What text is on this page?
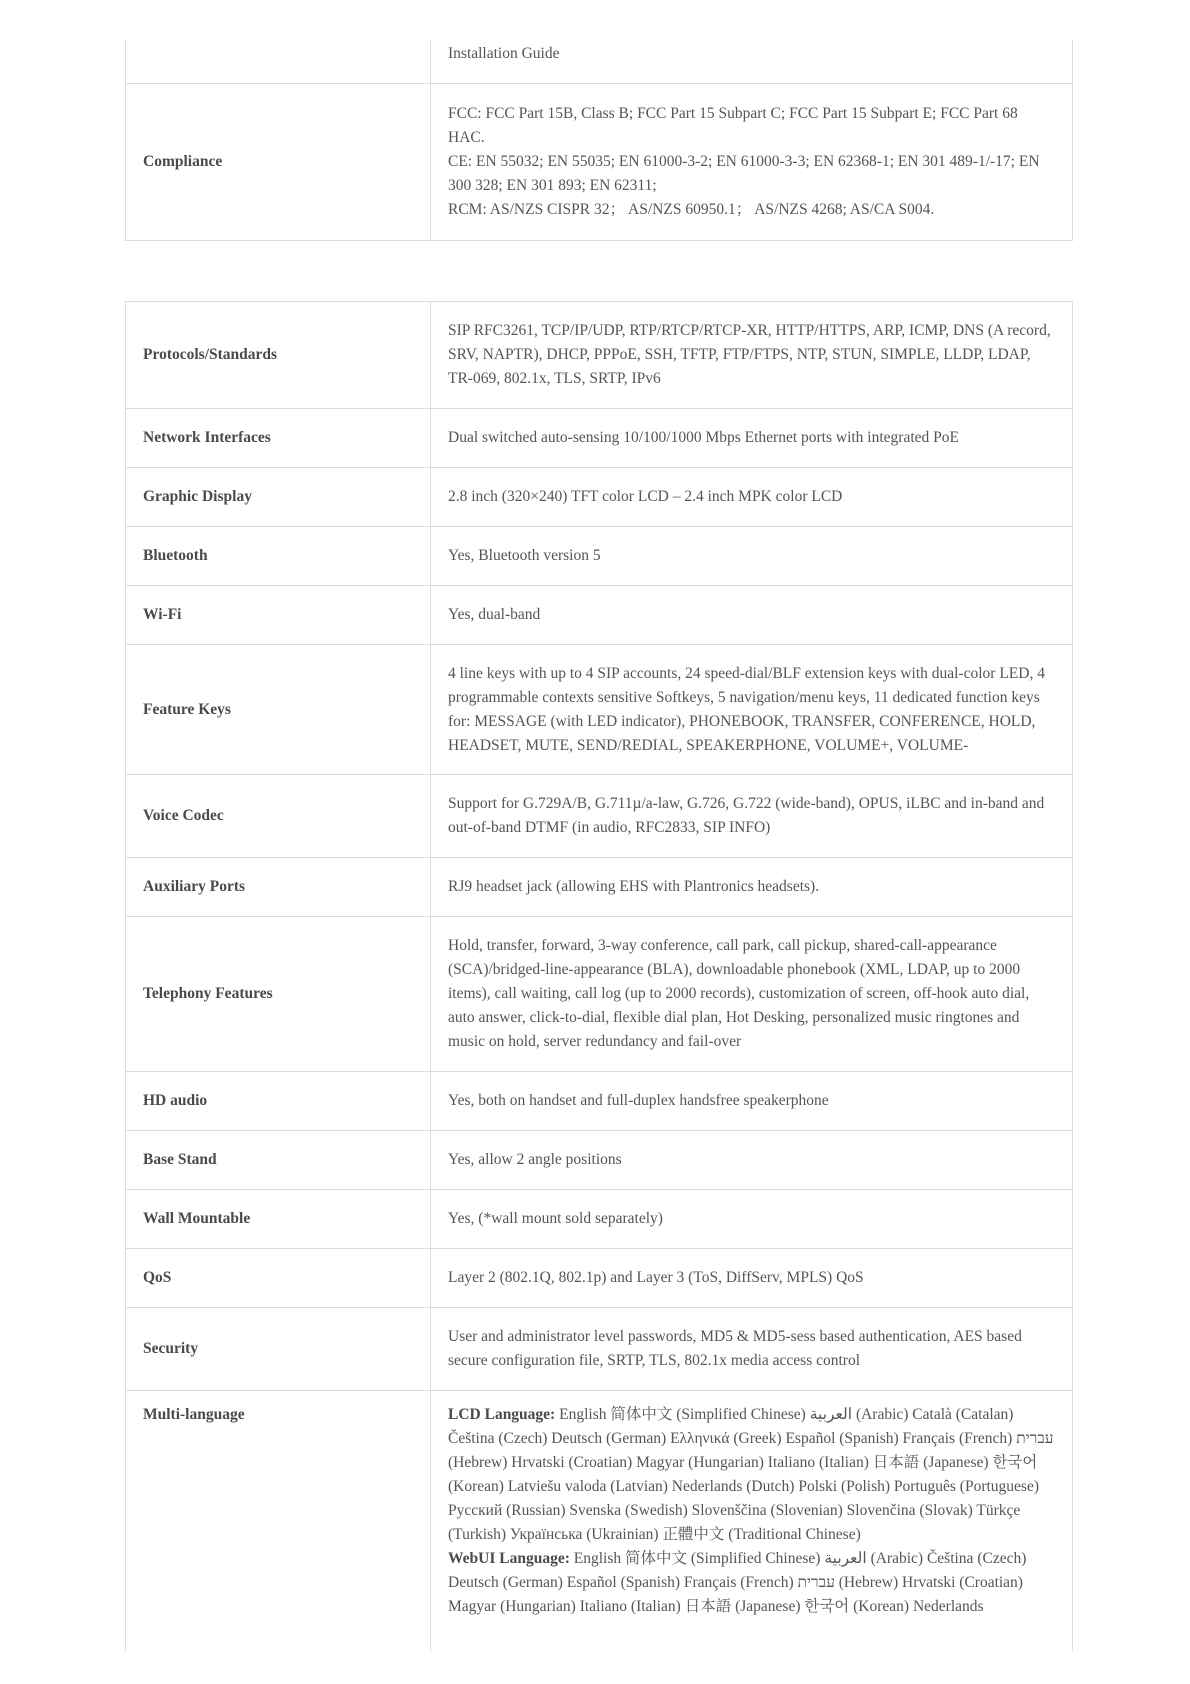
	Installation Guide

Compliance	FCC: FCC Part 15B, Class B; FCC Part 15 Subpart C; FCC Part 15 Subpart E; FCC Part 68 HAC.
CE: EN 55032; EN 55035; EN 61000-3-2; EN 61000-3-3; EN 62368-1; EN 301 489-1/-17; EN 300 328; EN 301 893; EN 62311;
RCM: AS/NZS CISPR 32； AS/NZS 60950.1； AS/NZS 4268; AS/CA S004.
Protocols/Standards	SIP RFC3261, TCP/IP/UDP, RTP/RTCP/RTCP-XR, HTTP/HTTPS, ARP, ICMP, DNS (A record, SRV, NAPTR), DHCP, PPPoE, SSH, TFTP, FTP/FTPS, NTP, STUN, SIMPLE, LLDP, LDAP, TR-069, 802.1x, TLS, SRTP, IPv6
Network Interfaces	Dual switched auto-sensing 10/100/1000 Mbps Ethernet ports with integrated PoE
Graphic Display	2.8 inch (320×240) TFT color LCD – 2.4 inch MPK color LCD
Bluetooth	Yes, Bluetooth version 5
Wi-Fi	Yes, dual-band
Feature Keys	4 line keys with up to 4 SIP accounts, 24 speed-dial/BLF extension keys with dual-color LED, 4 programmable contexts sensitive Softkeys, 5 navigation/menu keys, 11 dedicated function keys for: MESSAGE (with LED indicator), PHONEBOOK, TRANSFER, CONFERENCE, HOLD, HEADSET, MUTE, SEND/REDIAL, SPEAKERPHONE, VOLUME+, VOLUME-
Voice Codec	Support for G.729A/B, G.711µ/a-law, G.726, G.722 (wide-band), OPUS, iLBC and in-band and out-of-band DTMF (in audio, RFC2833, SIP INFO)
Auxiliary Ports	RJ9 headset jack (allowing EHS with Plantronics headsets).
Telephony Features	Hold, transfer, forward, 3-way conference, call park, call pickup, shared-call-appearance (SCA)/bridged-line-appearance (BLA), downloadable phonebook (XML, LDAP, up to 2000 items), call waiting, call log (up to 2000 records), customization of screen, off-hook auto dial, auto answer, click-to-dial, flexible dial plan, Hot Desking, personalized music ringtones and music on hold, server redundancy and fail-over
HD audio	Yes, both on handset and full-duplex handsfree speakerphone
Base Stand	Yes, allow 2 angle positions
Wall Mountable	Yes, (*wall mount sold separately)
QoS	Layer 2 (802.1Q, 802.1p) and Layer 3 (ToS, DiffServ, MPLS) QoS
Security	User and administrator level passwords, MD5 & MD5-sess based authentication, AES based secure configuration file, SRTP, TLS, 802.1x media access control
Multi-language	LCD Language: English 简体中文 (Simplified Chinese) العربية (Arabic) Català (Catalan) Čeština (Czech) Deutsch (German) Ελληνικά (Greek) Español (Spanish) Français (French) עברית (Hebrew) Hrvatski (Croatian) Magyar (Hungarian) Italiano (Italian) 日本語 (Japanese) 한국어 (Korean) Latviešu valoda (Latvian) Nederlands (Dutch) Polski (Polish) Português (Portuguese) Русский (Russian) Svenska (Swedish) Slovenščina (Slovenian) Slovenčina (Slovak) Türkçe (Turkish) Українська (Ukrainian) 正體中文 (Traditional Chinese)
WebUI Language: English 简体中文 (Simplified Chinese) العربية (Arabic) Čeština (Czech) Deutsch (German) Español (Spanish) Français (French) עברית (Hebrew) Hrvatski (Croatian) Magyar (Hungarian) Italiano (Italian) 日本語 (Japanese) 한국어 (Korean) Nederlands
